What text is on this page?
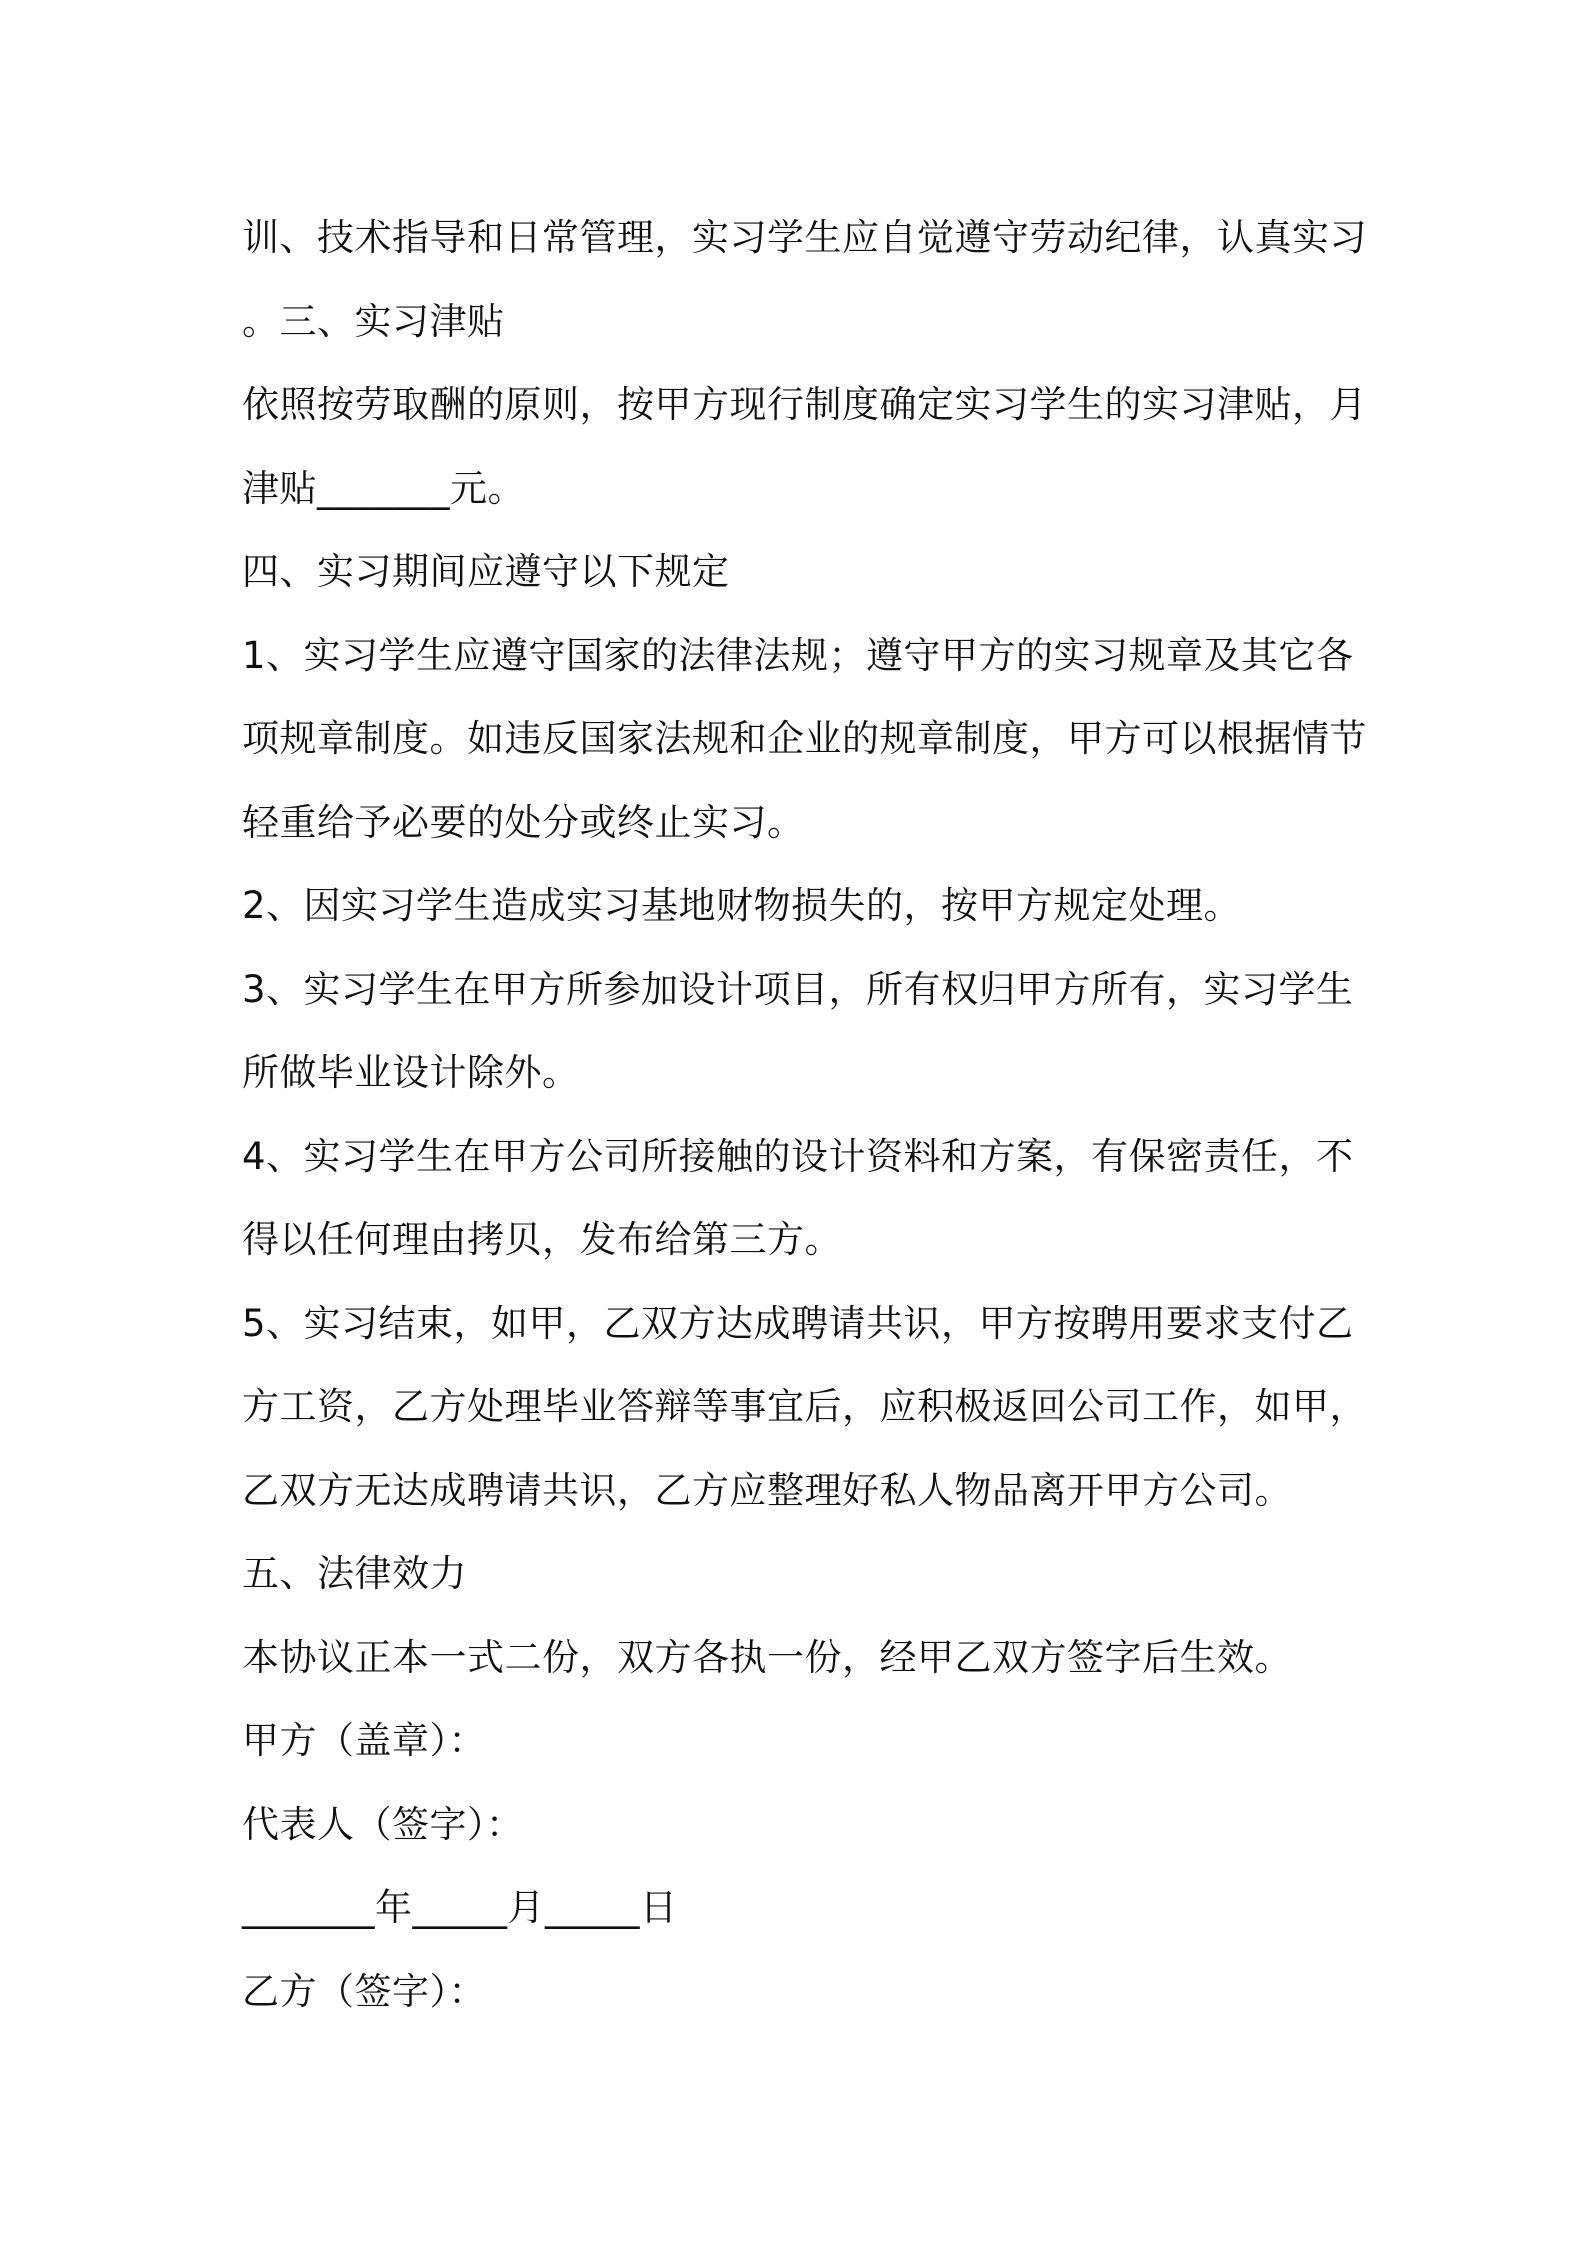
训、技术指导和日常管理，实习学生应自觉遵守劳动纪律，认真实习
。三、实习津贴
依照按劳取酬的原则，按甲方现行制度确定实习学生的实习津贴，月
津贴_______元。
四、实习期间应遵守以下规定
1、实习学生应遵守国家的法律法规；遵守甲方的实习规章及其它各
项规章制度。如违反国家法规和企业的规章制度，甲方可以根据情节
轻重给予必要的处分或终止实习。
2、因实习学生造成实习基地财物损失的，按甲方规定处理。
3、实习学生在甲方所参加设计项目，所有权归甲方所有，实习学生
所做毕业设计除外。
4、实习学生在甲方公司所接触的设计资料和方案，有保密责任，不
得以任何理由拷贝，发布给第三方。
5、实习结束，如甲，乙双方达成聘请共识，甲方按聘用要求支付乙
方工资，乙方处理毕业答辩等事宜后，应积极返回公司工作，如甲，
乙双方无达成聘请共识，乙方应整理好私人物品离开甲方公司。
五、法律效力
本协议正本一式二份，双方各执一份，经甲乙双方签字后生效。
甲方（盖章）：
代表人（签字）：
_______年_____月_____日
乙方（签字）：
